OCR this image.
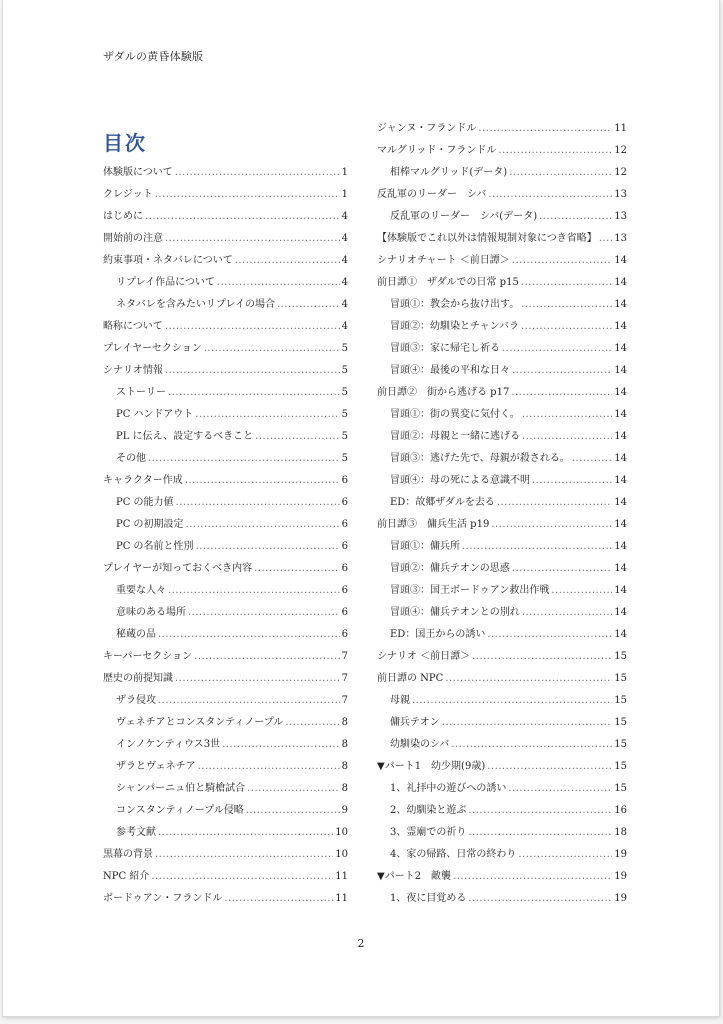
ザダルの黄昏体験版
目次
体験版について .....	1
クレジット .....	1
はじめに .....	4
開始前の注意 .....	4
約束事項・ネタバレについて .....	4
リプレイ作品について .....	4
ネタバレを含みたいリプレイの場合 .....	4
略称について .....	4
プレイヤーセクション .....	5
シナリオ情報 .....	5
ストーリー .....	5
PC ハンドアウト .....	5
PL に伝え、設定するべきこと .....	5
その他 .....	5
キャラクター作成 .....	6
PC の能力値 .....	6
PC の初期設定 .....	6
PC の名前と性別 .....	6
プレイヤーが知っておくべき内容 .....	6
重要な人々 .....	6
意味のある場所 .....	6
秘蔵の品 .....	6
キーパーセクション .....	7
歴史の前提知識 .....	7
ザラ侵攻 .....	7
ヴェネチアとコンスタンティノープル .....	8
インノケンティウス3世 .....	8
ザラとヴェネチア .....	8
シャンパーニュ伯と騎槍試合 .....	8
コンスタンティノープル侵略 .....	9
参考文献 .....	10
黒幕の背景 .....	10
NPC 紹介 .....	11
ボードゥアン・フランドル .....	11
ジャンヌ・フランドル .....	11
マルグリッド・フランドル .....	12
相棒マルグリッド(データ) .....	12
反乱軍のリーダー　シバ .....	13
反乱軍のリーダー　シバ(データ) .....	13
【体験版でこれ以外は情報規制対象につき省略】 ..... 13
シナリオチャート ＜前日譚＞ .....	14
前日譚①　ザダルでの日常 p15 .....	14
冒頭①：教会から抜け出す。 .....	14
冒頭②：幼馴染とチャンバラ .....	14
冒頭③：家に帰宅し祈る .....	14
冒頭④：最後の平和な日々 .....	14
前日譚②　街から逃げる p17 .....	14
冒頭①：街の異変に気付く。 .....	14
冒頭②：母親と一緒に逃げる .....	14
冒頭③：逃げた先で、母親が殺される。 .....	14
冒頭④：母の死による意識不明 .....	14
ED：故郷ザダルを去る .....	14
前日譚③　傭兵生活 p19 .....	14
冒頭①：傭兵所 .....	14
冒頭②：傭兵テオンの思惑 .....	14
冒頭③：国王ボードゥアン救出作戦 .....	14
冒頭④：傭兵テオンとの別れ .....	14
ED：国王からの誘い .....	14
シナリオ ＜前日譚＞ .....	15
前日譚の NPC .....	15
母親 .....	15
傭兵テオン .....	15
幼馴染のシバ .....	15
▼パート1　幼少期(9歳) .....	15
1、礼拝中の遊びへの誘い .....	15
2、幼馴染と遊ぶ .....	16
3、霊廟での祈り .....	18
4、家の帰路、日常の終わり .....	19
▼パート2　敵襲 .....	19
1、夜に目覚める .....	19
2
